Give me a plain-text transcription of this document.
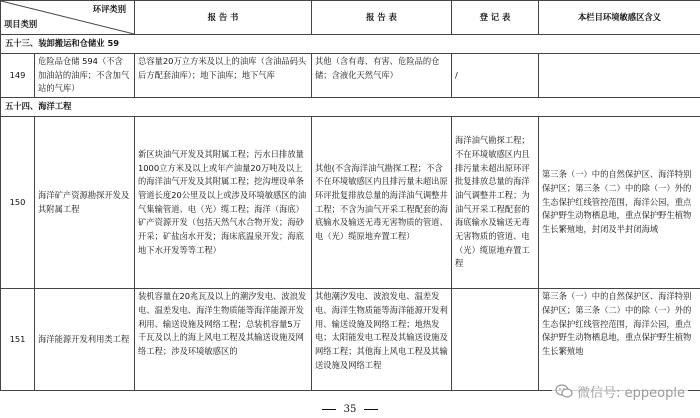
环评类别
项目类别		报 告 书	报 告 表	登 记 表	本栏目环境敏感区含义
五十三、装卸搬运和仓储业 59					
149	危险品仓储 594（不含加油站的油库；不含加气站的气库）	总容量20万立方米及以上的油库（含油品码头后方配套油库）；地下油库；地下气库	其他（含有毒、有害、危险品的仓储；含液化天然气库）	/	
五十四、海洋工程					
150	海洋矿产资源勘探开发及其附属工程	新区块油气开发及其附属工程；污水日排放量1000立方米及以上或年产油量20万吨及以上的海洋油气开发及其附属工程；挖沟埋设单条管道长度20公里及以上或涉及环境敏感区的油气集输管道、电（光）缆工程；海洋（海底）矿产资源开发（包括天然气水合物开发；海砂开采；矿盐卤水开发；海床底温泉开发；海底地下水开发等等工程）	其他(不含海洋油气勘探工程；不含不在环境敏感区内且排污量未超出原环评批复排放总量的海洋油气调整井工程；不含为油气开采工程配套的海底输水及输送无毒无害物质的管道、电（光）缆原地弃置工程）	海洋油气勘探工程；不在环境敏感区内且排污量未超出原环评批复排放总量的海洋油气调整井工程；为油气开采工程配套的海底输水及输送无毒无害物质的管道、电（光）缆原地弃置工程	第三条（一）中的自然保护区、海洋特别保护区；第三条（二）中的除（一）外的生态保护红线管控范围，海洋公园，重点保护野生动物栖息地，重点保护野生植物生长繁殖地，封闭及半封闭海域
151	海洋能源开发利用类工程	装机容量在20兆瓦及以上的潮汐发电、波浪发电、温差发电、海洋生物质能等海洋能源开发利用、输送设施及网络工程；总装机容量5万千瓦及以上的海上风电工程及其输送设施及网络工程；涉及环境敏感区的	其他潮汐发电、波浪发电、温差发电、海洋生物质能等海洋能源开发利用、输送设施及网络工程；地热发电；太阳能发电工程及其输送设施及网络工程；其他海上风电工程及其输送设施及网络工程		第三条（一）中的自然保护区、海洋特别保护区；第三条（二）中的除（一）外的生态保护红线管控范围，海洋公园，重点保护野生动物栖息地，重点保护野生植物生长繁殖地
微信号: eppeople
35
